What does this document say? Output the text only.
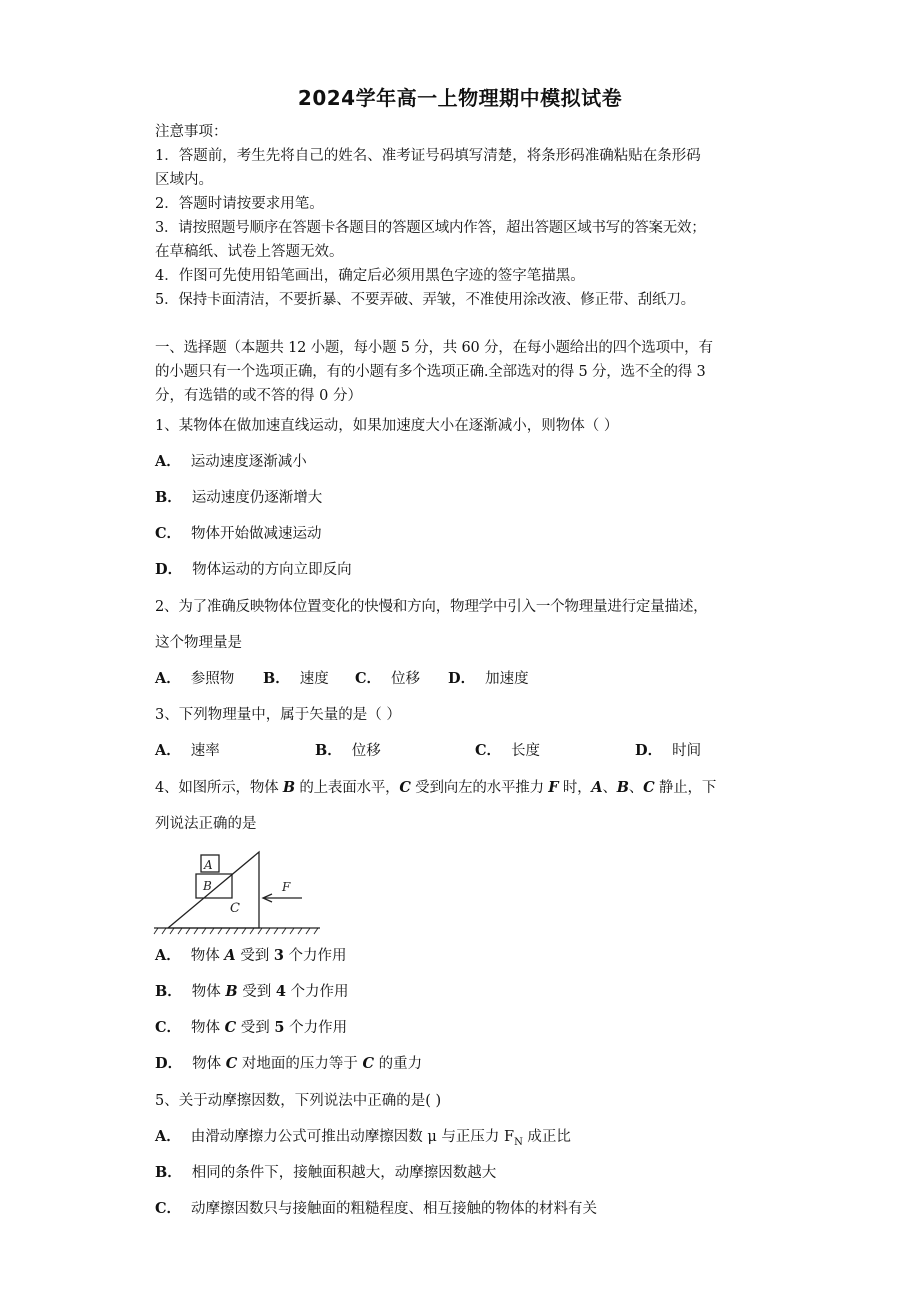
2024学年高一上物理期中模拟试卷
注意事项：
1．答题前，考生先将自己的姓名、准考证号码填写清楚，将条形码准确粘贴在条形码
区域内。
2．答题时请按要求用笔。
3．请按照题号顺序在答题卡各题目的答题区域内作答，超出答题区域书写的答案无效；
在草稿纸、试卷上答题无效。
4．作图可先使用铅笔画出，确定后必须用黑色字迹的签字笔描黑。
5．保持卡面清洁，不要折暴、不要弄破、弄皱，不准使用涂改液、修正带、刮纸刀。
一、选择题（本题共 12 小题，每小题 5 分，共 60 分，在每小题给出的四个选项中，有
的小题只有一个选项正确，有的小题有多个选项正确.全部选对的得 5 分，选不全的得 3
分，有选错的或不答的得 0 分）
1、某物体在做加速直线运动，如果加速度大小在逐渐减小，则物体（ ）
A． 运动速度逐渐减小
B． 运动速度仍逐渐增大
C． 物体开始做减速运动
D． 物体运动的方向立即反向
2、为了准确反映物体位置变化的快慢和方向，物理学中引入一个物理量进行定量描述，
这个物理量是
A． 参照物 B． 速度 C． 位移 D． 加速度
3、下列物理量中，属于矢量的是（ ）
A． 速率	B． 位移	C． 长度	D． 时间
4、如图所示，物体 B 的上表面水平，C 受到向左的水平推力 F 时，A、B、C 静止，下
列说法正确的是
A
B
C
F
A． 物体 A 受到 3 个力作用
B． 物体 B 受到 4 个力作用
C． 物体 C 受到 5 个力作用
D． 物体 C 对地面的压力等于 C 的重力
5、关于动摩擦因数，下列说法中正确的是( )
A． 由滑动摩擦力公式可推出动摩擦因数 μ 与正压力 $F_N$ 成正比
B． 相同的条件下，接触面积越大，动摩擦因数越大
C． 动摩擦因数只与接触面的粗糙程度、相互接触的物体的材料有关
